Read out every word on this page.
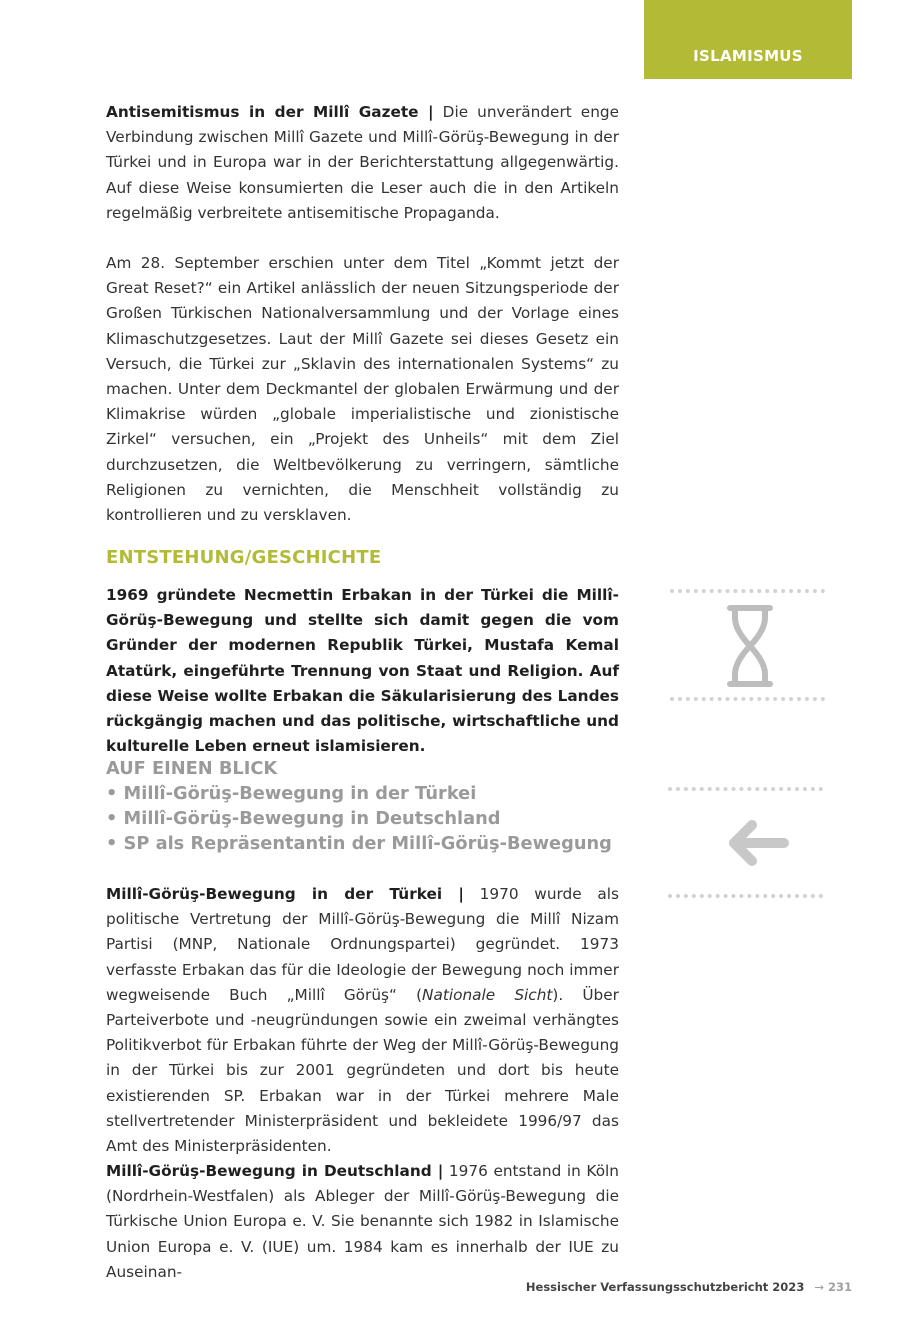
ISLAMISMUS

Antisemitismus in der Millî Gazete | Die unverändert enge Verbindung zwischen Millî Gazete und Millî-Görüş-Bewegung in der Türkei und in Europa war in der Berichterstattung allgegenwärtig. Auf diese Weise konsumierten die Leser auch die in den Artikeln regelmäßig verbreitete antisemitische Propaganda.

Am 28. September erschien unter dem Titel „Kommt jetzt der Great Reset?“ ein Artikel anlässlich der neuen Sitzungsperiode der Großen Türkischen Nationalversammlung und der Vorlage eines Klimaschutzgesetzes. Laut der Millî Gazete sei dieses Gesetz ein Versuch, die Türkei zur „Sklavin des internationalen Systems“ zu machen. Unter dem Deckmantel der globalen Erwärmung und der Klimakrise würden „globale imperialistische und zionistische Zirkel“ versuchen, ein „Projekt des Unheils“ mit dem Ziel durchzusetzen, die Weltbevölkerung zu verringern, sämtliche Religionen zu vernichten, die Menschheit vollständig zu kontrollieren und zu versklaven.

ENTSTEHUNG/GESCHICHTE

1969 gründete Necmettin Erbakan in der Türkei die Millî-Görüş-Bewegung und stellte sich damit gegen die vom Gründer der modernen Republik Türkei, Mustafa Kemal Atatürk, eingeführte Trennung von Staat und Religion. Auf diese Weise wollte Erbakan die Säkularisierung des Landes rückgängig machen und das politische, wirtschaftliche und kulturelle Leben erneut islamisieren.

AUF EINEN BLICK
• Millî-Görüş-Bewegung in der Türkei
• Millî-Görüş-Bewegung in Deutschland
• SP als Repräsentantin der Millî-Görüş-Bewegung

Millî-Görüş-Bewegung in der Türkei | 1970 wurde als politische Vertretung der Millî-Görüş-Bewegung die Millî Nizam Partisi (MNP, Nationale Ordnungspartei) gegründet. 1973 verfasste Erbakan das für die Ideologie der Bewegung noch immer wegweisende Buch „Millî Görüş“ (Nationale Sicht). Über Parteiverbote und -neugründungen sowie ein zweimal verhängtes Politikverbot für Erbakan führte der Weg der Millî-Görüş-Bewegung in der Türkei bis zur 2001 gegründeten und dort bis heute existierenden SP. Erbakan war in der Türkei mehrere Male stellvertretender Ministerpräsident und bekleidete 1996/97 das Amt des Ministerpräsidenten.

Millî-Görüş-Bewegung in Deutschland | 1976 entstand in Köln (Nordrhein-Westfalen) als Ableger der Millî-Görüş-Bewegung die Türkische Union Europa e. V. Sie benannte sich 1982 in Islamische Union Europa e. V. (IUE) um. 1984 kam es innerhalb der IUE zu Auseinan-

Hessischer Verfassungsschutzbericht 2023 → 231
